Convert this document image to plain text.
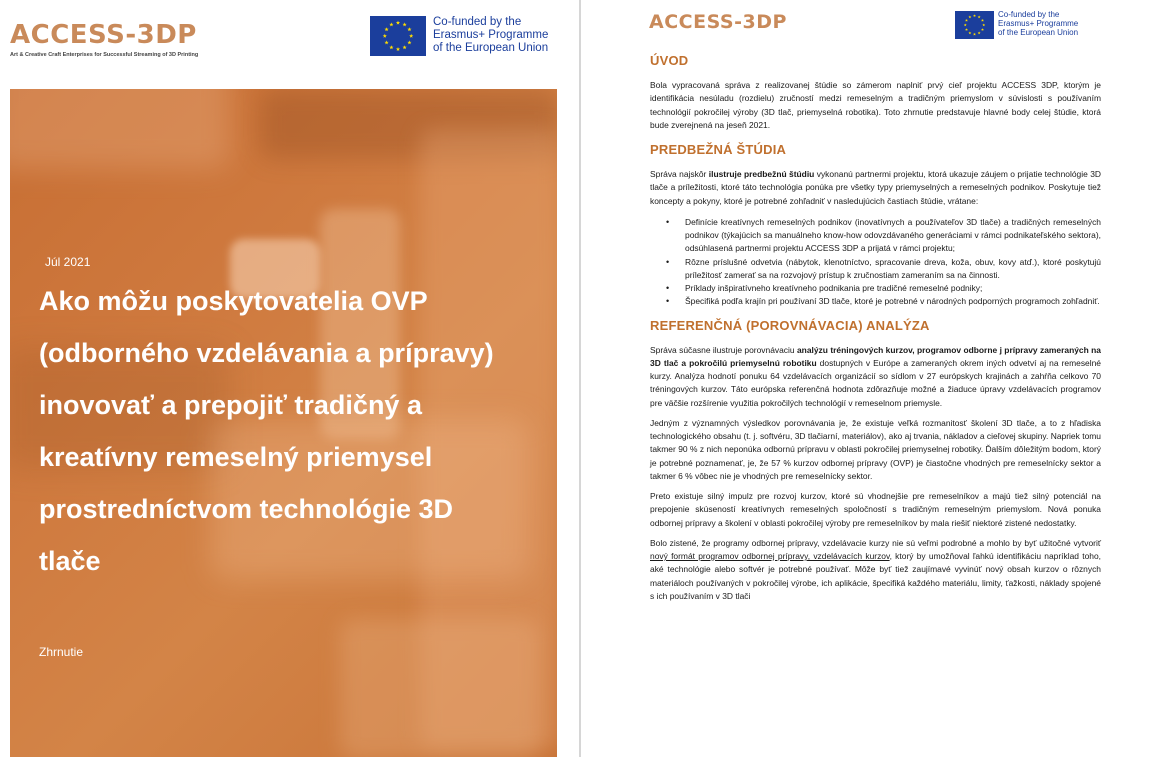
ACCESS-3DP
Art & Creative Craft Enterprises for Successful Streaming of 3D Printing
Co-funded by the
Erasmus+ Programme
of the European Union
Júl 2021
Ako môžu poskytovatelia OVP (odborného vzdelávania a prípravy) inovovať a prepojiť tradičný a kreatívny remeselný priemysel prostredníctvom technológie 3D tlače
Zhrnutie
ACCESS-3DP	Co-funded by the
Erasmus+ Programme
of the European Union
ÚVOD

Bola vypracovaná správa z realizovanej štúdie so zámerom naplniť prvý cieľ projektu ACCESS 3DP, ktorým je identifikácia nesúladu (rozdielu) zručností medzi remeselným a tradičným priemyslom v súvislosti s používaním technológií pokročilej výroby (3D tlač, priemyselná robotika). Toto zhrnutie predstavuje hlavné body celej štúdie, ktorá bude zverejnená na jeseň 2021.

PREDBEŽNÁ ŠTÚDIA

Správa najskôr ilustruje predbežnú štúdiu vykonanú partnermi projektu, ktorá ukazuje záujem o prijatie technológie 3D tlače a príležitosti, ktoré táto technológia ponúka pre všetky typy priemyselných a remeselných podnikov. Poskytuje tiež koncepty a pokyny, ktoré je potrebné zohľadniť v nasledujúcich častiach štúdie, vrátane:

• Definície kreatívnych remeselných podnikov (inovatívnych a používateľov 3D tlače) a tradičných remeselných podnikov (týkajúcich sa manuálneho know-how odovzdávaného generáciami v rámci podnikateľského sektora), odsúhlasená partnermi projektu ACCESS 3DP a prijatá v rámci projektu;
• Rôzne príslušné odvetvia (nábytok, klenotníctvo, spracovanie dreva, koža, obuv, kovy atď.), ktoré poskytujú príležitosť zamerať sa na rozvojový prístup k zručnostiam zameraním sa na činnosti.
• Príklady inšpiratívneho kreatívneho podnikania pre tradičné remeselné podniky;
• Špecifiká podľa krajín pri používaní 3D tlače, ktoré je potrebné v národných podporných programoch zohľadniť.
REFERENČNÁ (POROVNÁVACIA) ANALÝZA

Správa súčasne ilustruje porovnávaciu analýzu tréningových kurzov, programov odborne j prípravy zameraných na 3D tlač a pokročilú priemyselnú robotiku dostupných v Európe a zameraných okrem iných odvetví aj na remeselné kurzy. Analýza hodnotí ponuku 64 vzdelávacích organizácií so sídlom v 27 európskych krajinách a zahŕňa celkovo 70 tréningových kurzov. Táto európska referenčná hodnota zdôrazňuje možné a žiaduce úpravy vzdelávacích programov pre väčšie rozšírenie využitia pokročilých technológií v remeselnom priemysle.

Jedným z významných výsledkov porovnávania je, že existuje veľká rozmanitosť školení 3D tlače, a to z hľadiska technologického obsahu (t. j. softvéru, 3D tlačiarní, materiálov), ako aj trvania, nákladov a cieľovej skupiny. Napriek tomu takmer 90 % z nich neponúka odbornú prípravu v oblasti pokročilej priemyselnej robotiky. Ďalším dôležitým bodom, ktorý je potrebné poznamenať, je, že 57 % kurzov odbornej prípravy (OVP) je čiastočne vhodných pre remeselnícky sektor a takmer 6 % vôbec nie je vhodných pre remeselnícky sektor.

Preto existuje silný impulz pre rozvoj kurzov, ktoré sú vhodnejšie pre remeselníkov a majú tiež silný potenciál na prepojenie skúseností kreatívnych remeselných spoločností s tradičným remeselným priemyslom. Nová ponuka odbornej prípravy a školení v oblasti pokročilej výroby pre remeselníkov by mala riešiť niektoré zistené nedostatky.

Bolo zistené, že programy odbornej prípravy, vzdelávacie kurzy nie sú veľmi podrobné a mohlo by byť užitočné vytvoriť nový formát programov odbornej prípravy, vzdelávacích kurzov, ktorý by umožňoval ľahkú identifikáciu napríklad toho, aké technológie alebo softvér je potrebné používať. Môže byť tiež zaujímavé vyvinúť nový obsah kurzov o rôznych materiáloch používaných v pokročilej výrobe, ich aplikácie, špecifiká každého materiálu, limity, ťažkosti, náklady spojené s ich používaním v 3D tlači
